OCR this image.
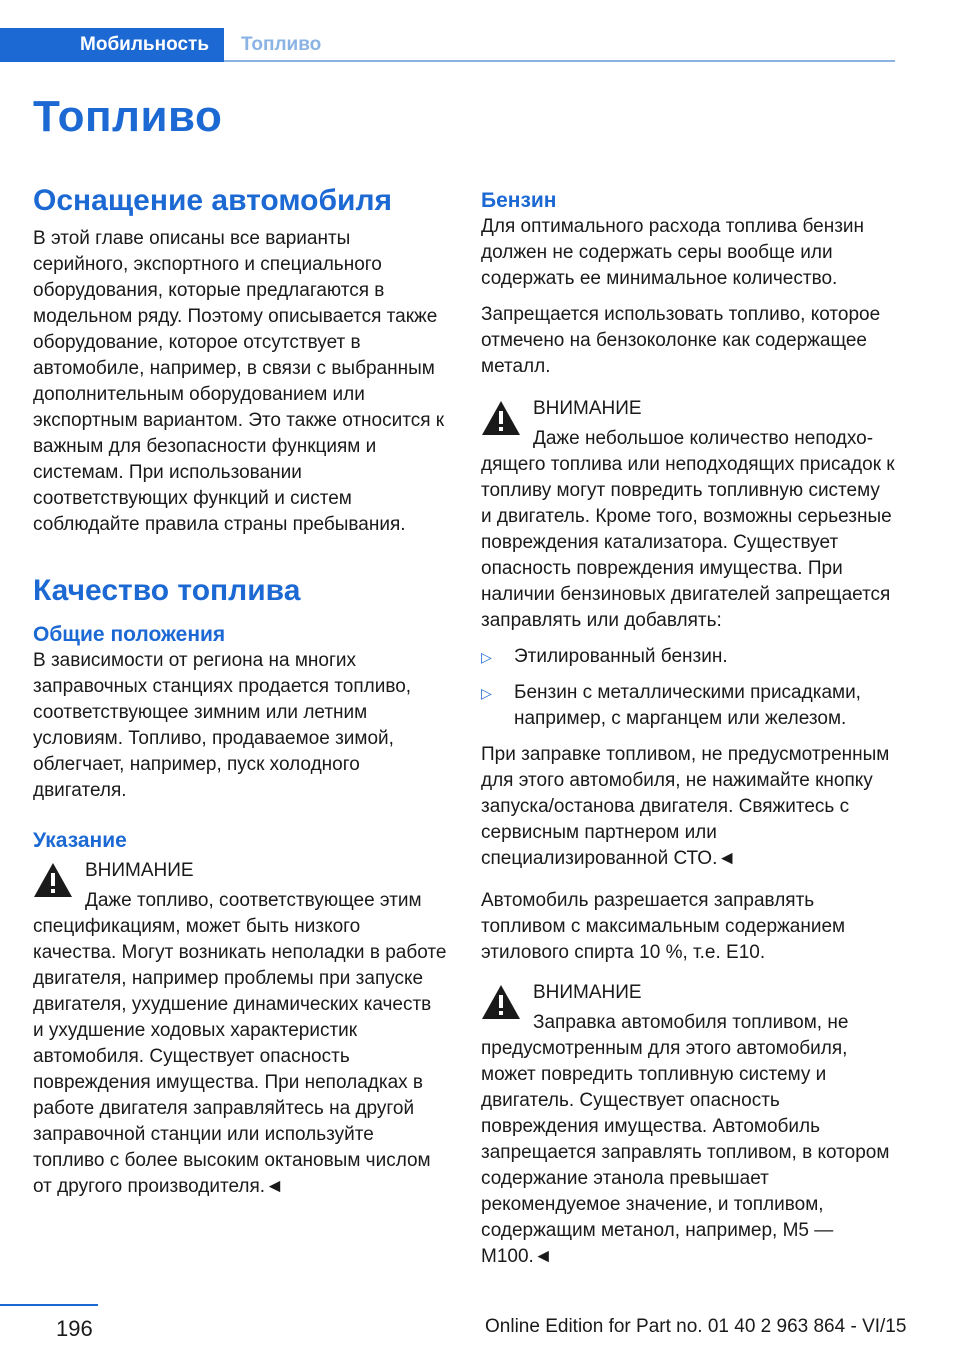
Мобильность	Топливо
Топливо
Оснащение автомобиля

В этой главе описаны все варианты серийного, экспортного и специального оборудования, которые предлагаются в модельном ряду. Поэтому описывается также оборудование, которое отсутствует в автомобиле, например, в связи с выбранным дополнительным оборудованием или экспортным вариантом. Это также относится к важным для безопасности функциям и системам. При использовании соответствующих функций и систем соблюдайте правила страны пребывания.

Качество топлива
Общие положения

В зависимости от региона на многих заправочных станциях продается топливо, соответствующее зимним или летним условиям. Топливо, продаваемое зимой, облегчает, например, пуск холодного двигателя.

Указание

ВНИМАНИЕ

Даже топливо, соответствующее этим

спецификациям, может быть низкого качества. Могут возникать неполадки в работе двигателя, например проблемы при запуске двигателя, ухудшение динамических качеств и ухудшение ходовых характеристик автомобиля. Существует опасность повреждения имущества. При неполадках в работе двигателя заправляйтесь на другой заправочной станции или используйте топливо с более высоким октановым числом от другого производителя.◄

Бензин

Для оптимального расхода топлива бензин должен не содержать серы вообще или содержать ее минимальное количество.

Запрещается использовать топливо, которое отмечено на бензоколонке как содержащее металл.

ВНИМАНИЕ

Даже небольшое количество неподхо-

дящего топлива или неподходящих присадок к топливу могут повредить топливную систему и двигатель. Кроме того, возможны серьезные повреждения катализатора. Существует опасность повреждения имущества. При наличии бензиновых двигателей запрещается заправлять или добавлять:

▷ Этилированный бензин.
▷ Бензин с металлическими присадками, например, с марганцем или железом.

При заправке топливом, не предусмотренным для этого автомобиля, не нажимайте кнопку запуска/останова двигателя. Свяжитесь с сервисным партнером или специализированной СТО.◄

Автомобиль разрешается заправлять топливом с максимальным содержанием этилового спирта 10 %, т.е. E10.

ВНИМАНИЕ

Заправка автомобиля топливом, не

предусмотренным для этого автомобиля, может повредить топливную систему и двигатель. Существует опасность повреждения имущества. Автомобиль запрещается заправлять топливом, в котором содержание этанола превышает рекомендуемое значение, и топливом, содержащим метанол, например, M5 — M100.◄

196	Online Edition for Part no. 01 40 2 963 864 - VI/15
